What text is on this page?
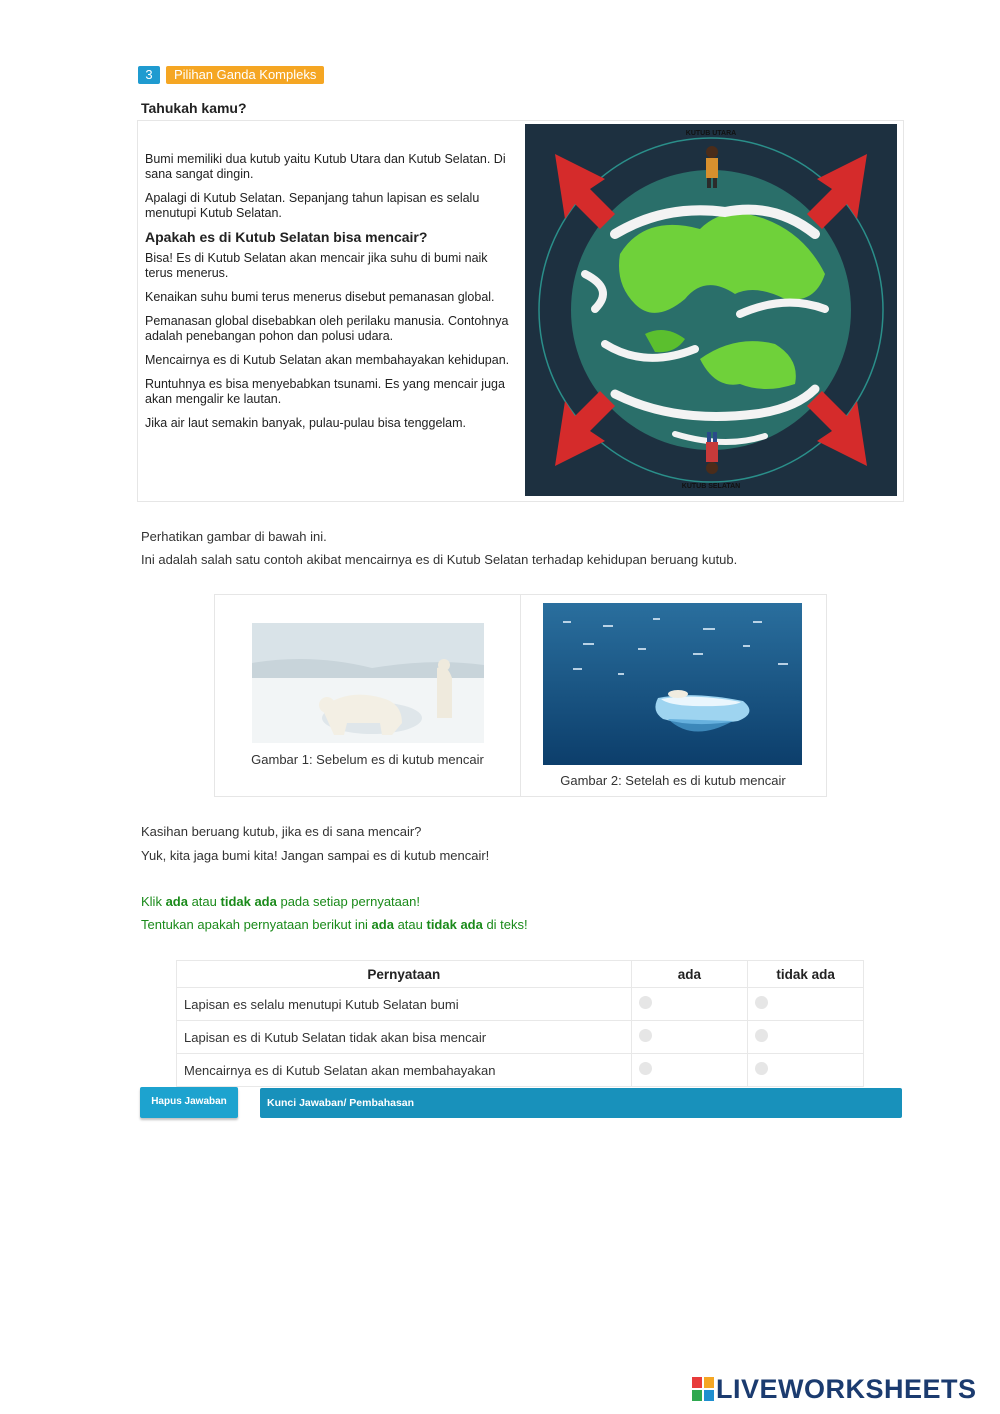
3	Pilihan Ganda Kompleks
Tahukah kamu?

Bumi memiliki dua kutub yaitu Kutub Utara dan Kutub Selatan. Di sana sangat dingin.

Apalagi di Kutub Selatan. Sepanjang tahun lapisan es selalu menutupi Kutub Selatan.

Apakah es di Kutub Selatan bisa mencair?

Bisa! Es di Kutub Selatan akan mencair jika suhu di bumi naik terus menerus.

Kenaikan suhu bumi terus menerus disebut pemanasan global.

Pemanasan global disebabkan oleh perilaku manusia. Contohnya adalah penebangan pohon dan polusi udara.

Mencairnya es di Kutub Selatan akan membahayakan kehidupan.

Runtuhnya es bisa menyebabkan tsunami. Es yang mencair juga akan mengalir ke lautan.

Jika air laut semakin banyak, pulau-pulau bisa tenggelam.

KUTUB UTARA
KUTUB SELATAN
Perhatikan gambar di bawah ini.
Ini adalah salah satu contoh akibat mencairnya es di Kutub Selatan terhadap kehidupan beruang kutub.
Gambar 1: Sebelum es di kutub mencair
Gambar 2: Setelah es di kutub mencair
Kasihan beruang kutub, jika es di sana mencair?
Yuk, kita jaga bumi kita! Jangan sampai es di kutub mencair!
Klik ada atau tidak ada pada setiap pernyataan!
Tentukan apakah pernyataan berikut ini ada atau tidak ada di teks!
Pernyataan	ada	tidak ada
Lapisan es selalu menutupi Kutub Selatan bumi		
Lapisan es di Kutub Selatan tidak akan bisa mencair		
Mencairnya es di Kutub Selatan akan membahayakan		
Hapus Jawaban	Kunci Jawaban/ Pembahasan
LIVEWORKSHEETS
